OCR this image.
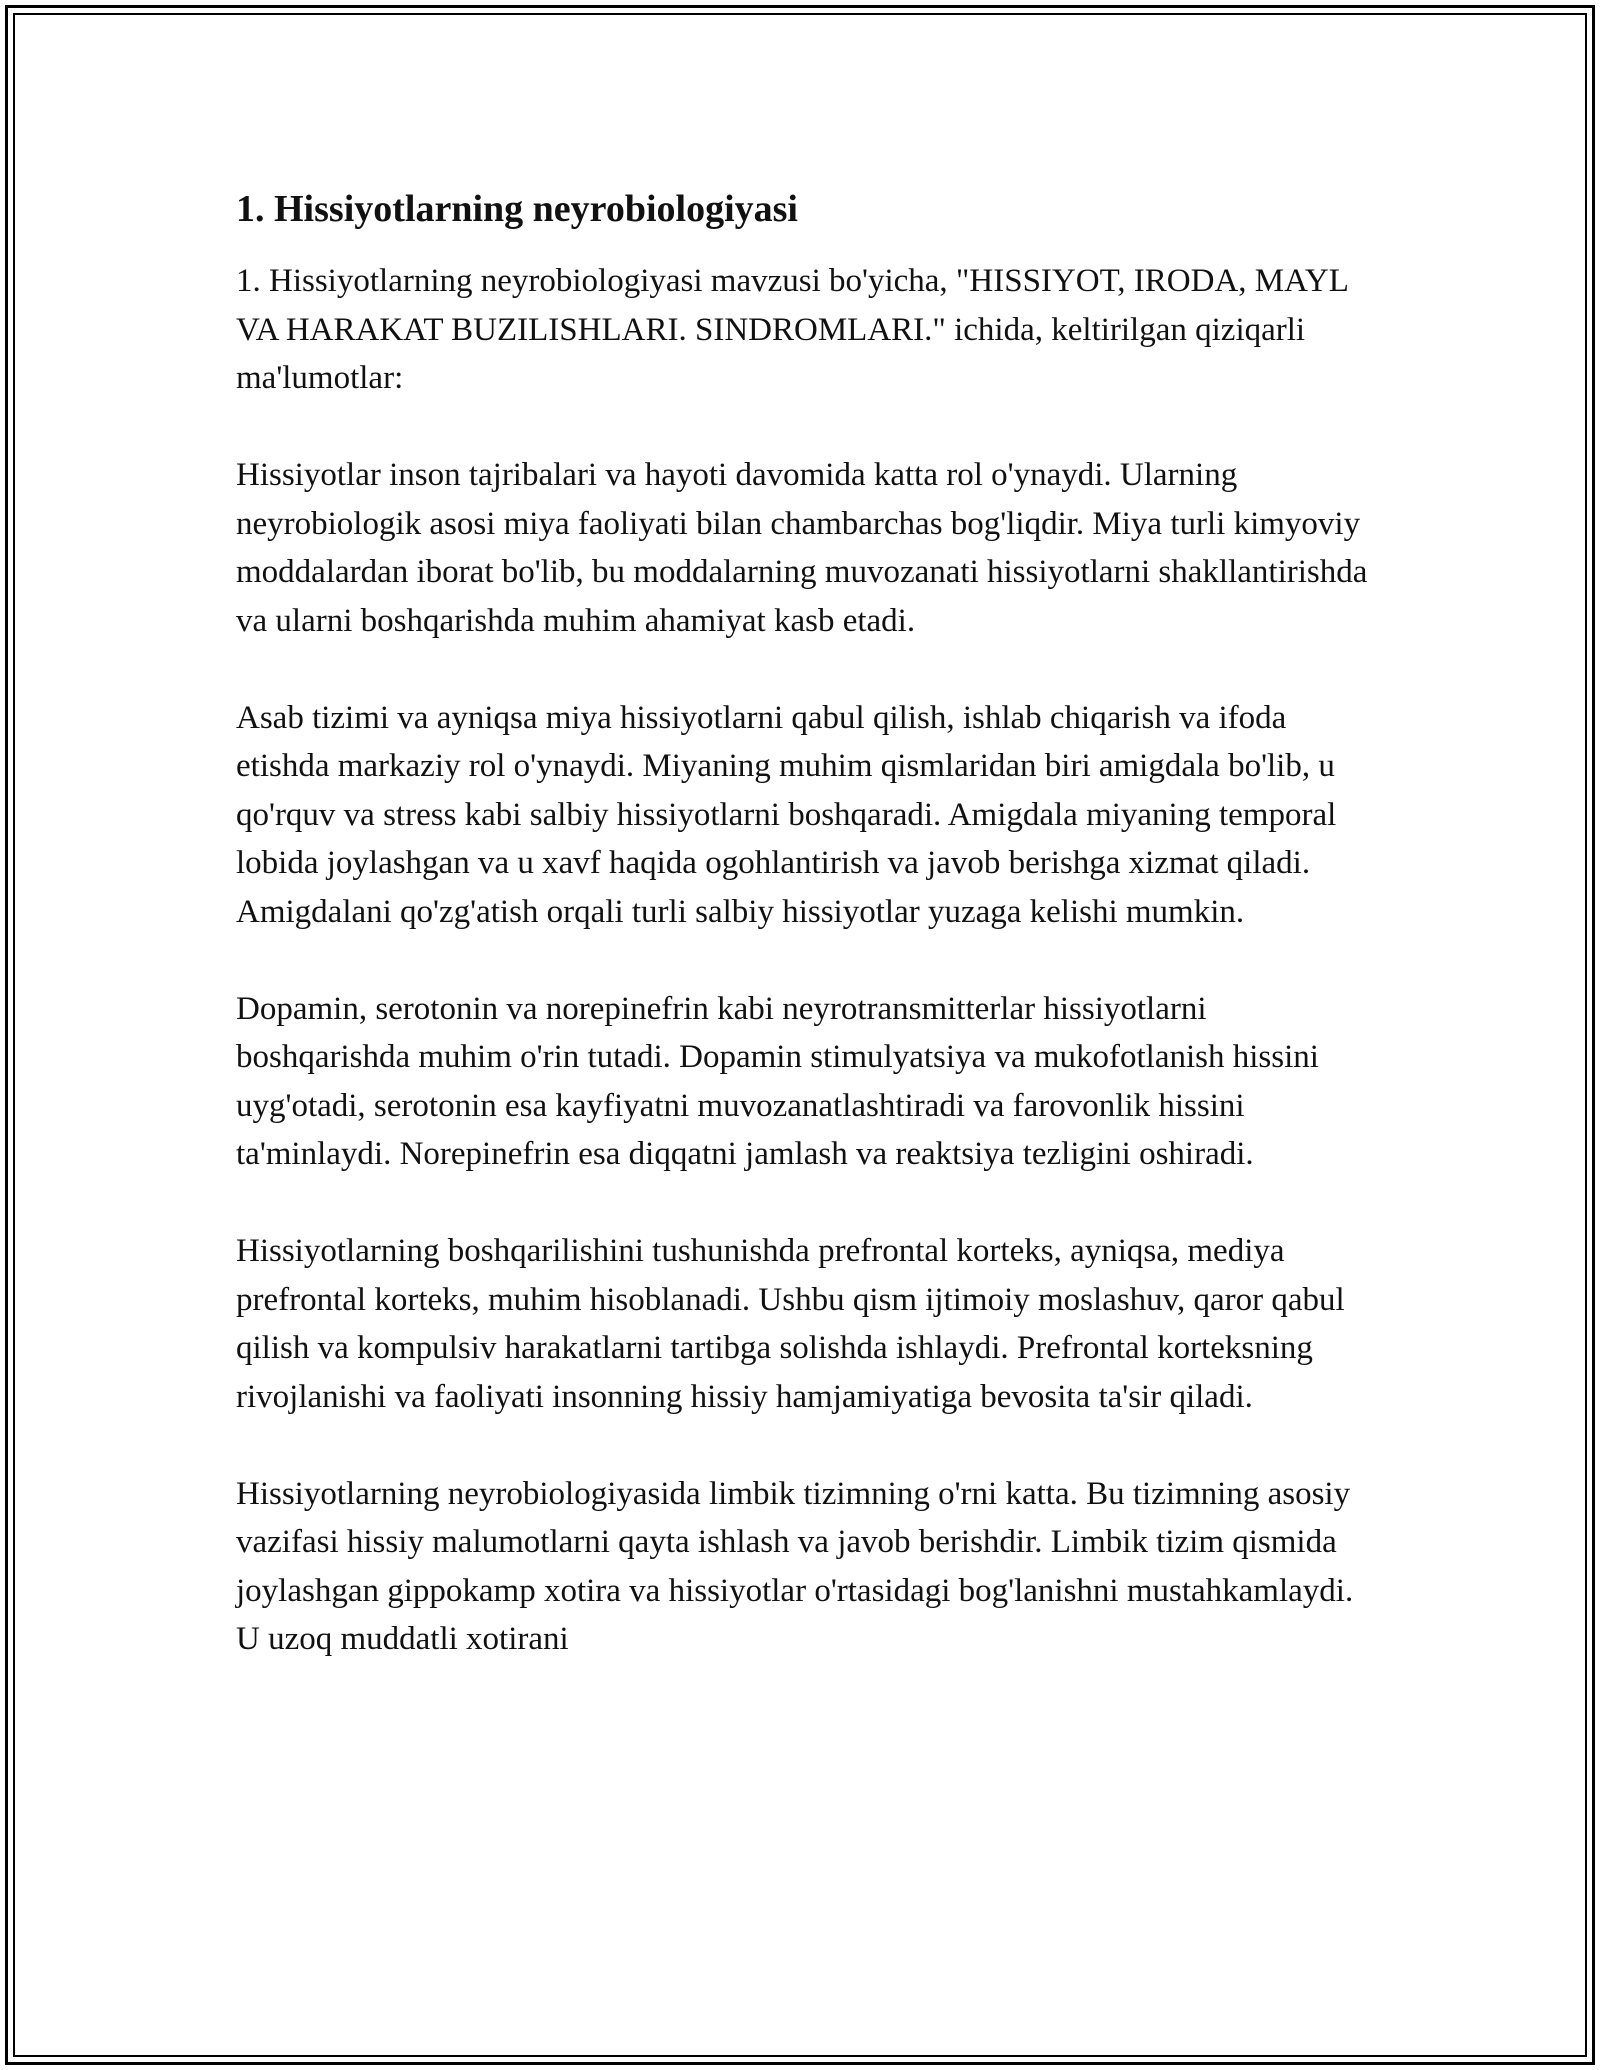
1. Hissiyotlarning neyrobiologiyasi

1. Hissiyotlarning neyrobiologiyasi mavzusi bo'yicha, "HISSIYOT, IRODA, MAYL VA HARAKAT BUZILISHLARI. SINDROMLARI." ichida, keltirilgan qiziqarli ma'lumotlar:

Hissiyotlar inson tajribalari va hayoti davomida katta rol o'ynaydi. Ularning neyrobiologik asosi miya faoliyati bilan chambarchas bog'liqdir. Miya turli kimyoviy moddalardan iborat bo'lib, bu moddalarning muvozanati hissiyotlarni shakllantirishda va ularni boshqarishda muhim ahamiyat kasb etadi.

Asab tizimi va ayniqsa miya hissiyotlarni qabul qilish, ishlab chiqarish va ifoda etishda markaziy rol o'ynaydi. Miyaning muhim qismlaridan biri amigdala bo'lib, u qo'rquv va stress kabi salbiy hissiyotlarni boshqaradi. Amigdala miyaning temporal lobida joylashgan va u xavf haqida ogohlantirish va javob berishga xizmat qiladi. Amigdalani qo'zg'atish orqali turli salbiy hissiyotlar yuzaga kelishi mumkin.

Dopamin, serotonin va norepinefrin kabi neyrotransmitterlar hissiyotlarni boshqarishda muhim o'rin tutadi. Dopamin stimulyatsiya va mukofotlanish hissini uyg'otadi, serotonin esa kayfiyatni muvozanatlashtiradi va farovonlik hissini ta'minlaydi. Norepinefrin esa diqqatni jamlash va reaktsiya tezligini oshiradi.

Hissiyotlarning boshqarilishini tushunishda prefrontal korteks, ayniqsa, mediya prefrontal korteks, muhim hisoblanadi. Ushbu qism ijtimoiy moslashuv, qaror qabul qilish va kompulsiv harakatlarni tartibga solishda ishlaydi. Prefrontal korteksning rivojlanishi va faoliyati insonning hissiy hamjamiyatiga bevosita ta'sir qiladi.

Hissiyotlarning neyrobiologiyasida limbik tizimning o'rni katta. Bu tizimning asosiy vazifasi hissiy malumotlarni qayta ishlash va javob berishdir. Limbik tizim qismida joylashgan gippokamp xotira va hissiyotlar o'rtasidagi bog'lanishni mustahkamlaydi. U uzoq muddatli xotirani
